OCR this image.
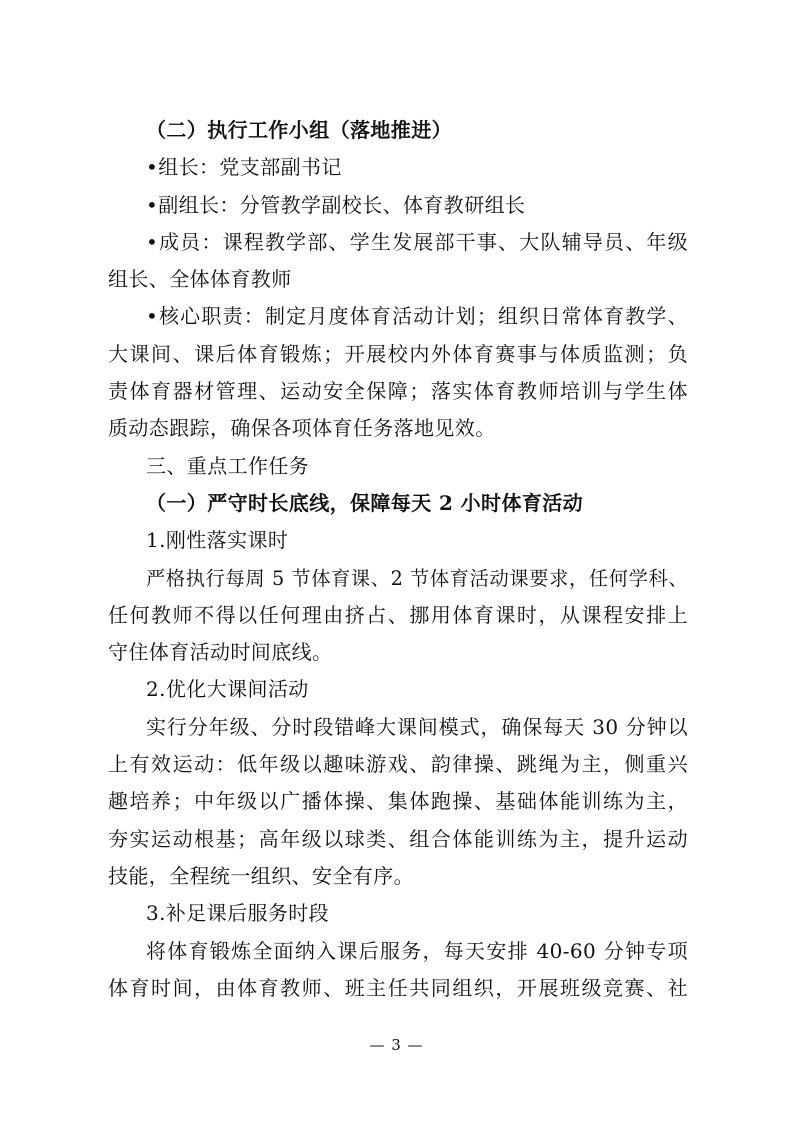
（二）执行工作小组（落地推进）
•组长：党支部副书记
•副组长：分管教学副校长、体育教研组长
•成员：课程教学部、学生发展部干事、大队辅导员、年级
组长、全体体育教师
•核心职责：制定月度体育活动计划；组织日常体育教学、
大课间、课后体育锻炼；开展校内外体育赛事与体质监测；负
责体育器材管理、运动安全保障；落实体育教师培训与学生体
质动态跟踪，确保各项体育任务落地见效。
三、重点工作任务
（一）严守时长底线，保障每天 2 小时体育活动
1.刚性落实课时
严格执行每周 5 节体育课、2 节体育活动课要求，任何学科、
任何教师不得以任何理由挤占、挪用体育课时，从课程安排上
守住体育活动时间底线。
2.优化大课间活动
实行分年级、分时段错峰大课间模式，确保每天 30 分钟以
上有效运动：低年级以趣味游戏、韵律操、跳绳为主，侧重兴
趣培养；中年级以广播体操、集体跑操、基础体能训练为主，
夯实运动根基；高年级以球类、组合体能训练为主，提升运动
技能，全程统一组织、安全有序。
3.补足课后服务时段
将体育锻炼全面纳入课后服务，每天安排 40-60 分钟专项
体育时间，由体育教师、班主任共同组织，开展班级竞赛、社
— 3 —
